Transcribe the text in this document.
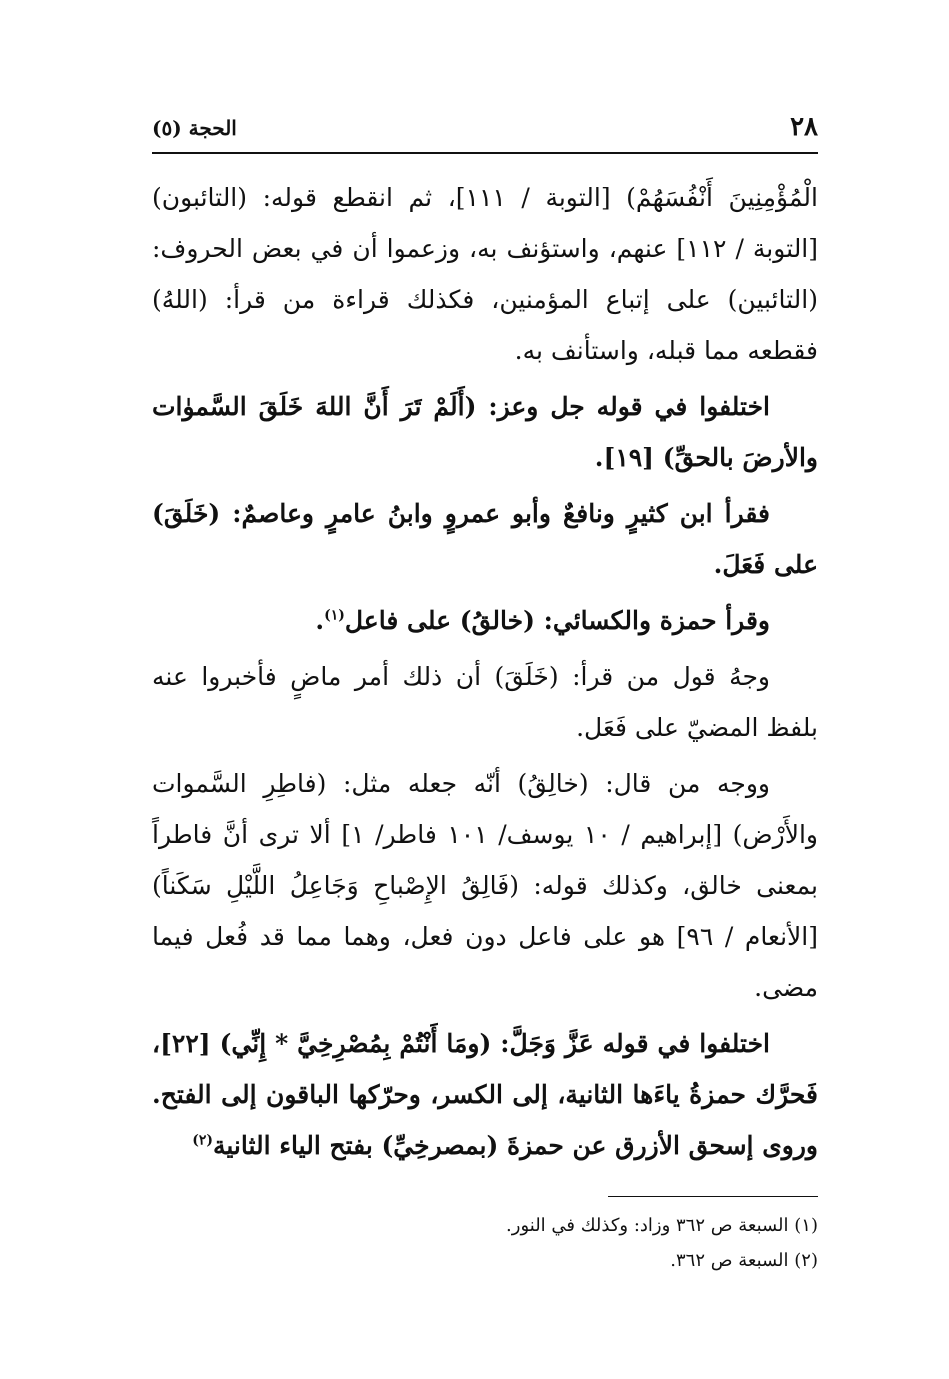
٢٨
الحجة (٥)

الْمُؤْمِنِينَ أَنْفُسَهُمْ) [التوبة / ١١١]، ثم انقطع قوله: (التائبون) [التوبة / ١١٢] عنهم، واستؤنف به، وزعموا أن في بعض الحروف: (التائبين) على إتباع المؤمنين، فكذلك قراءة من قرأ: (اللهُ) فقطعه مما قبله، واستأنف به.

اختلفوا في قوله جل وعز: (أَلَمْ تَرَ أَنَّ اللهَ خَلَقَ السَّموٰات والأرضَ بالحقِّ) [١٩].

فقرأ ابن كثيرٍ ونافعٌ وأبو عمروٍ وابنُ عامرٍ وعاصمٌ: (خَلَقَ) على فَعَلَ.

وقرأ حمزة والكسائي: (خالقُ) على فاعل$^{(١)}$.

وجهُ قول من قرأ: (خَلَقَ) أن ذلك أمر ماضٍ فأخبروا عنه بلفظ المضيّ على فَعَل.

ووجه من قال: (خالِقُ) أنّه جعله مثل: (فاطِرِ السَّموات والأَرْض) [إبراهيم / ١٠ يوسف/ ١٠١ فاطر/ ١] ألا ترى أنَّ فاطراً بمعنى خالق، وكذلك قوله: (فَالِقُ الإِصْباحِ وَجَاعِلُ اللَّيْلِ سَكَناً) [الأنعام / ٩٦] هو على فاعل دون فعل، وهما مما قد فُعل فيما مضى.

اختلفوا في قوله عَزَّ وَجَلَّ: (ومَا أَنْتُمْ بِمُصْرِخِيَّ * إِنِّي) [٢٢]، فَحرَّك حمزةُ ياءَها الثانية، إلى الكسر، وحرّكها الباقون إلى الفتح. وروى إسحق الأزرق عن حمزةَ (بمصرخِيِّ) بفتح الياء الثانية$^{(٢)}$

(١) السبعة ص ٣٦٢ وزاد: وكذلك في النور.

(٢) السبعة ص ٣٦٢.
